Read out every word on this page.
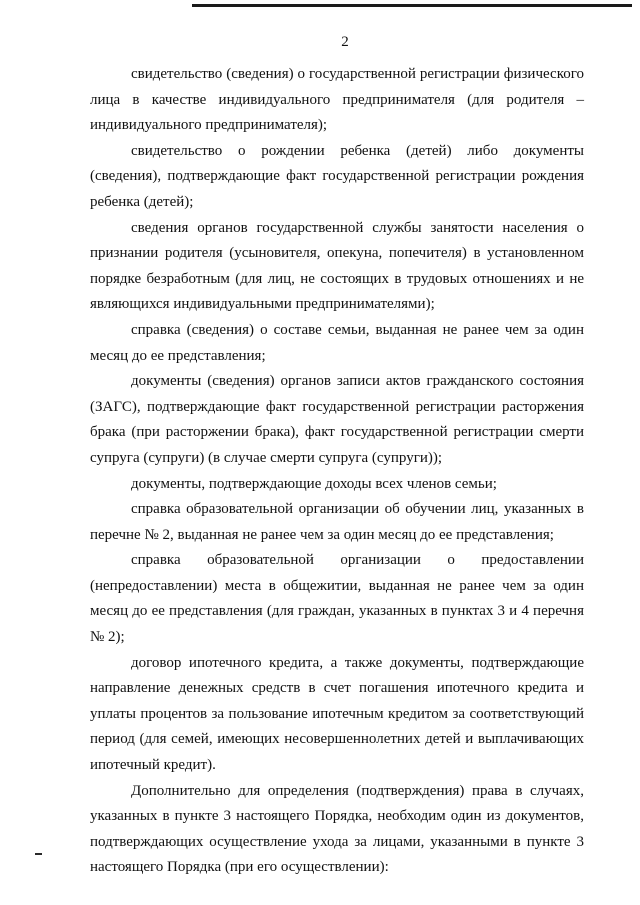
2

свидетельство (сведения) о государственной регистрации физического лица в качестве индивидуального предпринимателя (для родителя – индивидуального предпринимателя);

свидетельство о рождении ребенка (детей) либо документы (сведения), подтверждающие факт государственной регистрации рождения ребенка (детей);

сведения органов государственной службы занятости населения о признании родителя (усыновителя, опекуна, попечителя) в установленном порядке безработным (для лиц, не состоящих в трудовых отношениях и не являющихся индивидуальными предпринимателями);

справка (сведения) о составе семьи, выданная не ранее чем за один месяц до ее представления;

документы (сведения) органов записи актов гражданского состояния (ЗАГС), подтверждающие факт государственной регистрации расторжения брака (при расторжении брака), факт государственной регистрации смерти супруга (супруги) (в случае смерти супруга (супруги));

документы, подтверждающие доходы всех членов семьи;

справка образовательной организации об обучении лиц, указанных в перечне № 2, выданная не ранее чем за один месяц до ее представления;

справка образовательной организации о предоставлении (непредоставлении) места в общежитии, выданная не ранее чем за один месяц до ее представления (для граждан, указанных в пунктах 3 и 4 перечня № 2);

договор ипотечного кредита, а также документы, подтверждающие направление денежных средств в счет погашения ипотечного кредита и уплаты процентов за пользование ипотечным кредитом за соответствующий период (для семей, имеющих несовершеннолетних детей и выплачивающих ипотечный кредит).

Дополнительно для определения (подтверждения) права в случаях, указанных в пункте 3 настоящего Порядка, необходим один из документов, подтверждающих осуществление ухода за лицами, указанными в пункте 3 настоящего Порядка (при его осуществлении):
